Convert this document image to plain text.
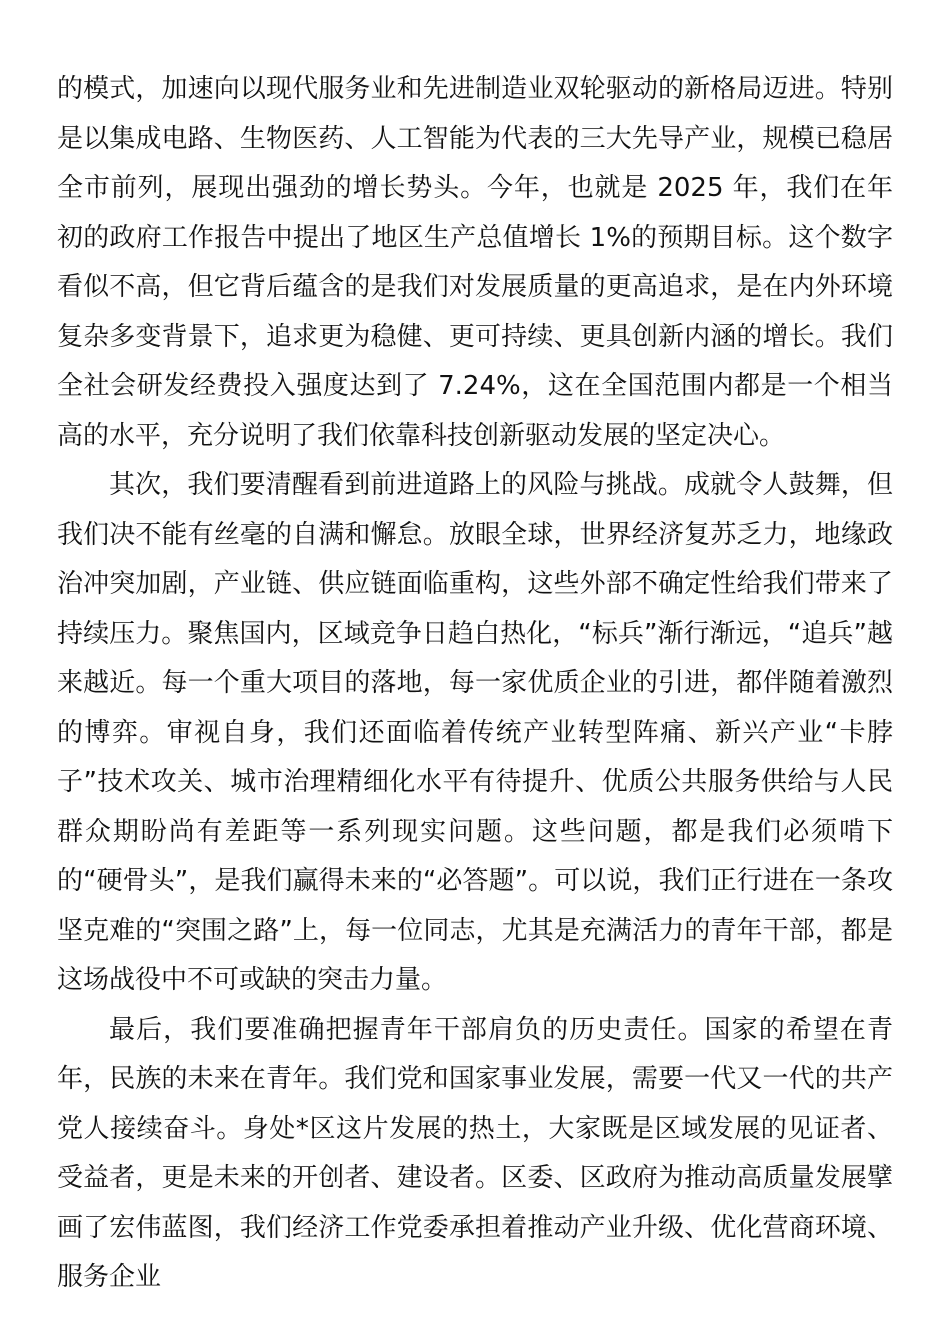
的模式，加速向以现代服务业和先进制造业双轮驱动的新格局迈进。特别是以集成电路、生物医药、人工智能为代表的三大先导产业，规模已稳居全市前列，展现出强劲的增长势头。今年，也就是 2025 年，我们在年初的政府工作报告中提出了地区生产总值增长 1%的预期目标。这个数字看似不高，但它背后蕴含的是我们对发展质量的更高追求，是在内外环境复杂多变背景下，追求更为稳健、更可持续、更具创新内涵的增长。我们全社会研发经费投入强度达到了 7.24%，这在全国范围内都是一个相当高的水平，充分说明了我们依靠科技创新驱动发展的坚定决心。

其次，我们要清醒看到前进道路上的风险与挑战。成就令人鼓舞，但我们决不能有丝毫的自满和懈怠。放眼全球，世界经济复苏乏力，地缘政治冲突加剧，产业链、供应链面临重构，这些外部不确定性给我们带来了持续压力。聚焦国内，区域竞争日趋白热化，“标兵”渐行渐远，“追兵”越来越近。每一个重大项目的落地，每一家优质企业的引进，都伴随着激烈的博弈。审视自身，我们还面临着传统产业转型阵痛、新兴产业“卡脖子”技术攻关、城市治理精细化水平有待提升、优质公共服务供给与人民群众期盼尚有差距等一系列现实问题。这些问题，都是我们必须啃下的“硬骨头”，是我们赢得未来的“必答题”。可以说，我们正行进在一条攻坚克难的“突围之路”上，每一位同志，尤其是充满活力的青年干部，都是这场战役中不可或缺的突击力量。

最后，我们要准确把握青年干部肩负的历史责任。国家的希望在青年，民族的未来在青年。我们党和国家事业发展，需要一代又一代的共产党人接续奋斗。身处*区这片发展的热土，大家既是区域发展的见证者、受益者，更是未来的开创者、建设者。区委、区政府为推动高质量发展擘画了宏伟蓝图，我们经济工作党委承担着推动产业升级、优化营商环境、服务企业
